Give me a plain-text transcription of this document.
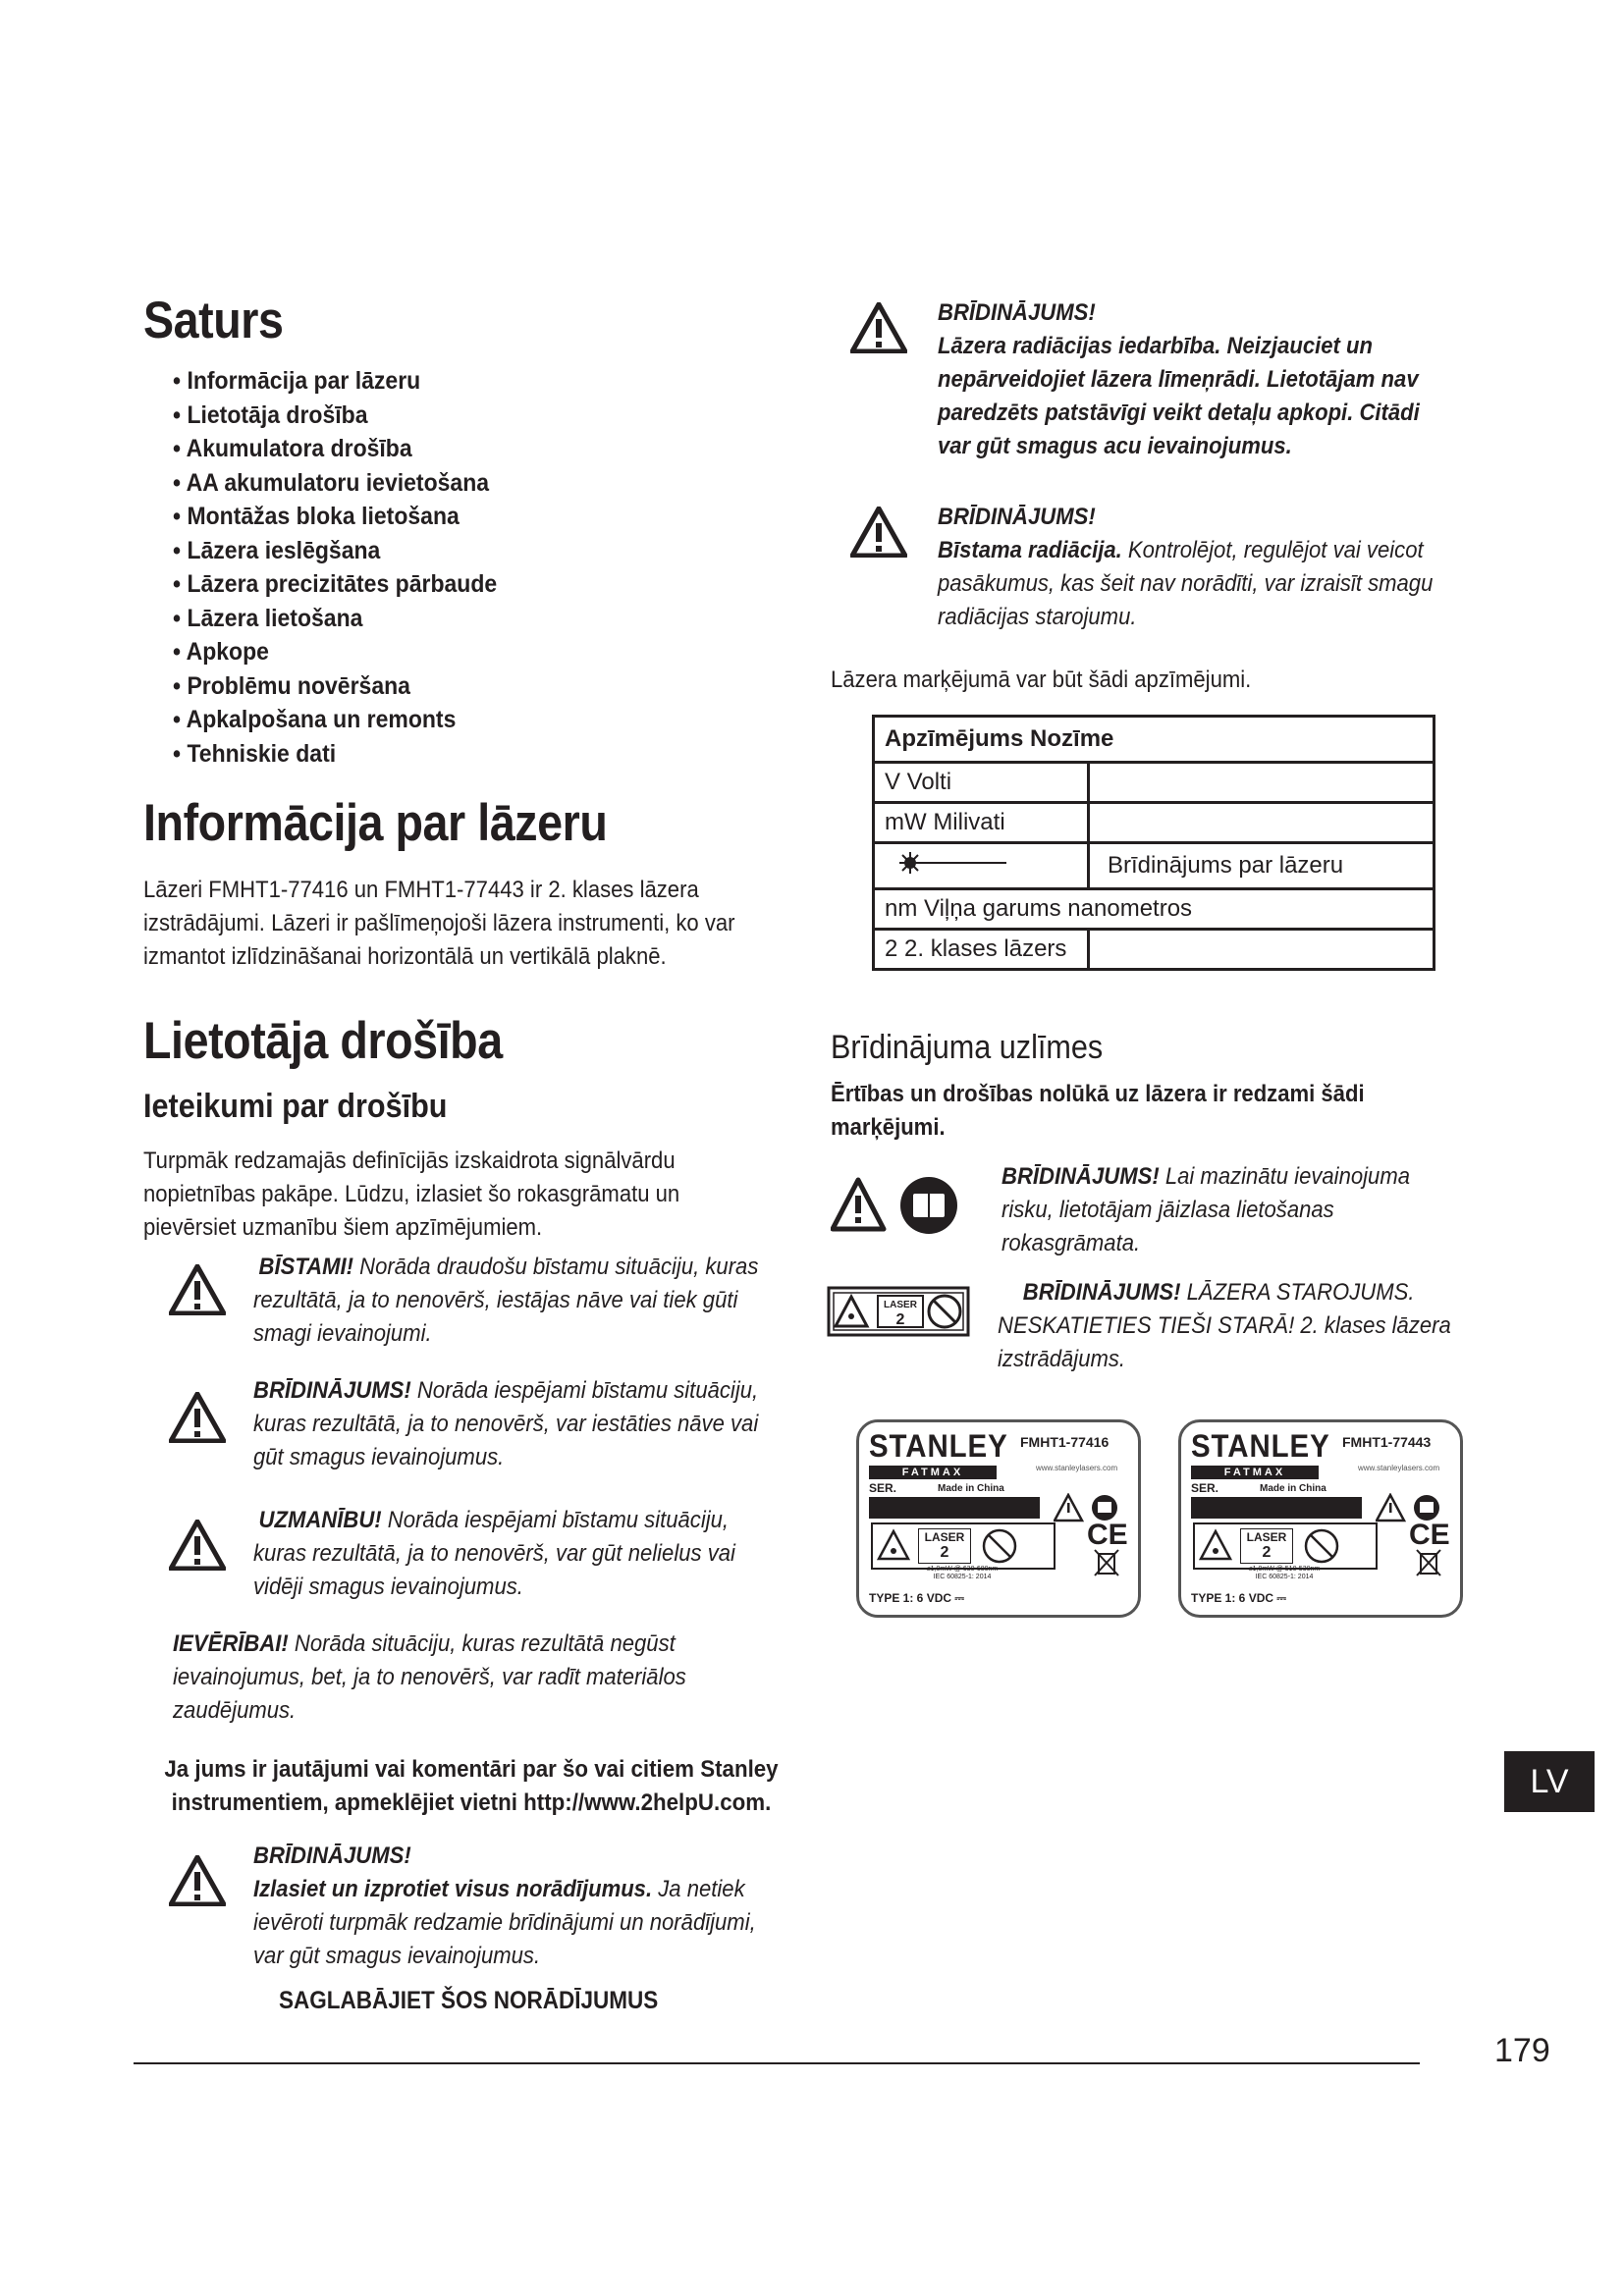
Saturs
• Informācija par lāzeru
• Lietotāja drošība
• Akumulatora drošība
• AA akumulatoru ievietošana
• Montāžas bloka lietošana
• Lāzera ieslēgšana
• Lāzera precizitātes pārbaude
• Lāzera lietošana
• Apkope
• Problēmu novēršana
• Apkalpošana un remonts
• Tehniskie dati
Informācija par lāzeru
Lāzeri FMHT1-77416 un FMHT1-77443 ir 2. klases lāzera
izstrādājumi. Lāzeri ir pašlīmeņojoši lāzera instrumenti, ko var
izmantot izlīdzināšanai horizontālā un vertikālā plaknē.
Lietotāja drošība
Ieteikumi par drošību
Turpmāk redzamajās definīcijās izskaidrota signālvārdu
nopietnības pakāpe. Lūdzu, izlasiet šo rokasgrāmatu un
pievērsiet uzmanību šiem apzīmējumiem.
BĪSTAMI! Norāda draudošu bīstamu situāciju, kuras
rezultātā, ja to nenovērš, iestājas nāve vai tiek gūti
smagi ievainojumi.
BRĪDINĀJUMS! Norāda iespējami bīstamu situāciju,
kuras rezultātā, ja to nenovērš, var iestāties nāve vai
gūt smagus ievainojumus.
UZMANĪBU! Norāda iespējami bīstamu situāciju,
kuras rezultātā, ja to nenovērš, var gūt nelielus vai
vidēji smagus ievainojumus.
IEVĒRĪBAI! Norāda situāciju, kuras rezultātā negūst
ievainojumus, bet, ja to nenovērš, var radīt materiālos
zaudējumus.
Ja jums ir jautājumi vai komentāri par šo vai citiem Stanley
instrumentiem, apmeklējiet vietni http://www.2helpU.com.
BRĪDINĀJUMS!
Izlasiet un izprotiet visus norādījumus. Ja netiek
ievēroti turpmāk redzamie brīdinājumi un norādījumi,
var gūt smagus ievainojumus.
SAGLABĀJIET ŠOS NORĀDĪJUMUS
BRĪDINĀJUMS!
Lāzera radiācijas iedarbība. Neizjauciet un
nepārveidojiet lāzera līmeņrādi. Lietotājam nav
paredzēts patstāvīgi veikt detaļu apkopi. Citādi
var gūt smagus acu ievainojumus.
BRĪDINĀJUMS!
Bīstama radiācija. Kontrolējot, regulējot vai veicot
pasākumus, kas šeit nav norādīti, var izraisīt smagu
radiācijas starojumu.
Lāzera marķējumā var būt šādi apzīmējumi.
Apzīmējums Nozīme	
V Volti	
mW Milivati	
	Brīdinājums par lāzeru
nm Viļņa garums nanometros	
2 2. klases lāzers	
Brīdinājuma uzlīmes
Ērtības un drošības nolūkā uz lāzera ir redzami šādi
marķējumi.
BRĪDINĀJUMS! Lai mazinātu ievainojuma
risku, lietotājam jāizlasa lietošanas
rokasgrāmata.
LASER
2
BRĪDINĀJUMS! LĀZERA STAROJUMS.
NESKATIETIES TIEŠI STARĀ! 2. klases lāzera
izstrādājums.
STANLEY FMHT1-77416
FATMAX	www.stanleylasers.com
SER.	Made in China
LASER
2
CE
≤1,0mW @ 630-680nm
IEC 60825-1: 2014
TYPE 1: 6 VDC ⎓
STANLEY FMHT1-77443
FATMAX	www.stanleylasers.com
SER.	Made in China
LASER
2
CE
≤1,0mW @ 510-530nm
IEC 60825-1: 2014
TYPE 1: 6 VDC ⎓
LV
179
